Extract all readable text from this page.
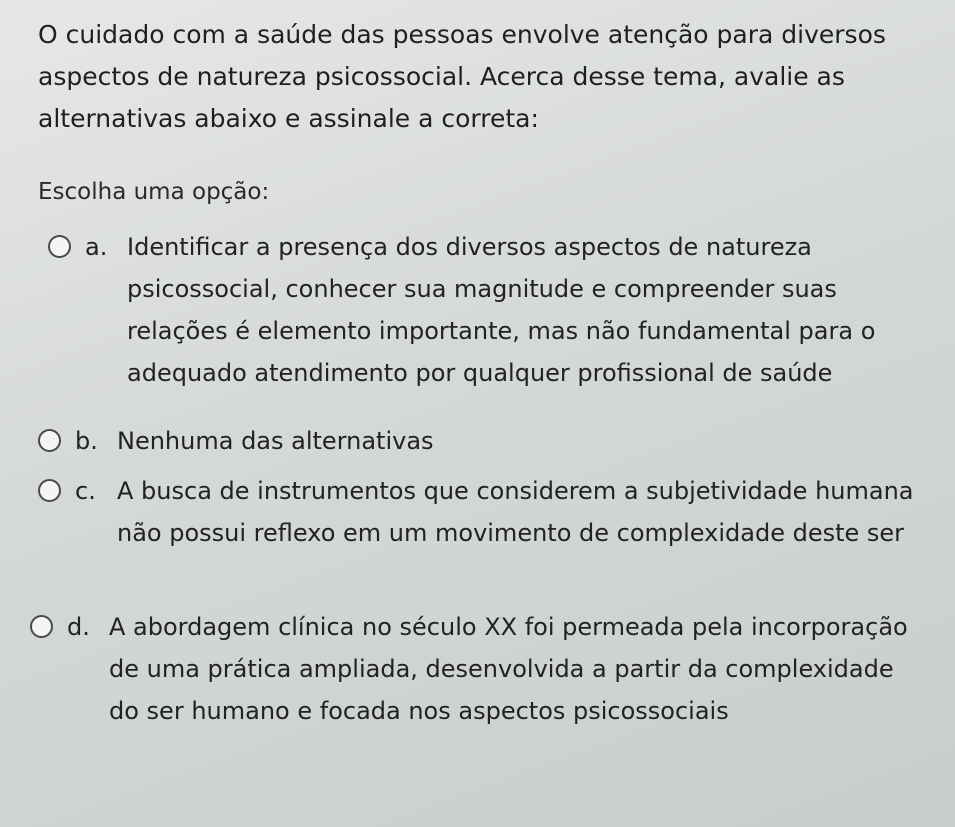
O cuidado com a saúde das pessoas envolve atenção para diversos aspectos de natureza psicossocial. Acerca desse tema, avalie as alternativas abaixo e assinale a correta:
Escolha uma opção:
a. Identificar a presença dos diversos aspectos de natureza psicossocial, conhecer sua magnitude e compreender suas relações é elemento importante, mas não fundamental para o adequado atendimento por qualquer profissional de saúde
b. Nenhuma das alternativas
c. A busca de instrumentos que considerem a subjetividade humana não possui reflexo em um movimento de complexidade deste ser
d. A abordagem clínica no século XX foi permeada pela incorporação de uma prática ampliada, desenvolvida a partir da complexidade do ser humano e focada nos aspectos psicossociais
